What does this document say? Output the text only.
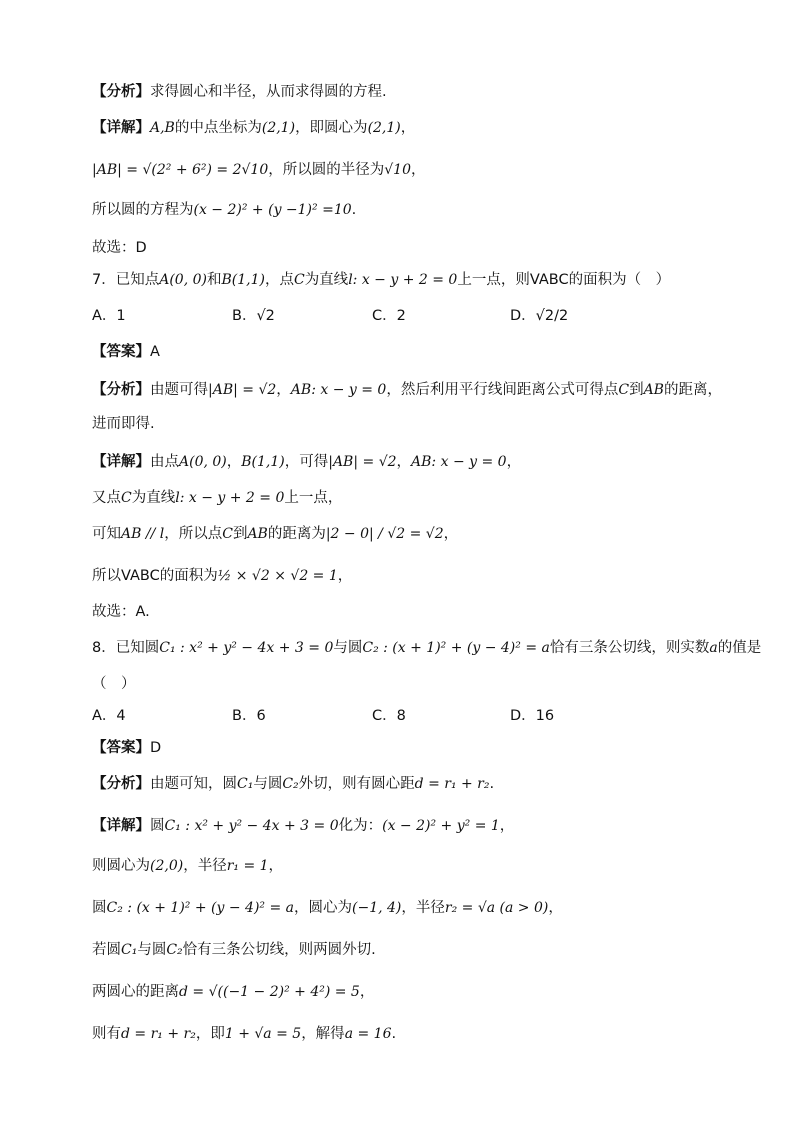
【分析】求得圆心和半径，从而求得圆的方程.
【详解】A,B的中点坐标为(2,1)，即圆心为(2,1)，
|AB| = √(2² + 6²) = 2√10，所以圆的半径为√10，
所以圆的方程为(x − 2)² + (y −1)² =10.
故选：D
7．已知点A(0, 0)和B(1,1)，点C为直线l: x − y + 2 = 0上一点，则VABC的面积为（　）
A．1	B．√2	C．2	D．√2/2
【答案】A
【分析】由题可得|AB| = √2，AB: x − y = 0，然后利用平行线间距离公式可得点C到AB的距离，
进而即得.
【详解】由点A(0, 0)，B(1,1)，可得|AB| = √2，AB: x − y = 0，
又点C为直线l: x − y + 2 = 0上一点，
可知AB // l，所以点C到AB的距离为|2 − 0| / √2 = √2，
所以VABC的面积为½ × √2 × √2 = 1，
故选：A.
8．已知圆C₁ : x² + y² − 4x + 3 = 0与圆C₂ : (x + 1)² + (y − 4)² = a恰有三条公切线，则实数a的值是
（　）
A．4	B．6	C．8	D．16
【答案】D
【分析】由题可知，圆C₁与圆C₂外切，则有圆心距d = r₁ + r₂.
【详解】圆C₁ : x² + y² − 4x + 3 = 0化为：(x − 2)² + y² = 1，
则圆心为(2,0)，半径r₁ = 1，
圆C₂ : (x + 1)² + (y − 4)² = a，圆心为(−1, 4)，半径r₂ = √a (a > 0)，
若圆C₁与圆C₂恰有三条公切线，则两圆外切.
两圆心的距离d = √((−1 − 2)² + 4²) = 5，
则有d = r₁ + r₂，即1 + √a = 5，解得a = 16.
